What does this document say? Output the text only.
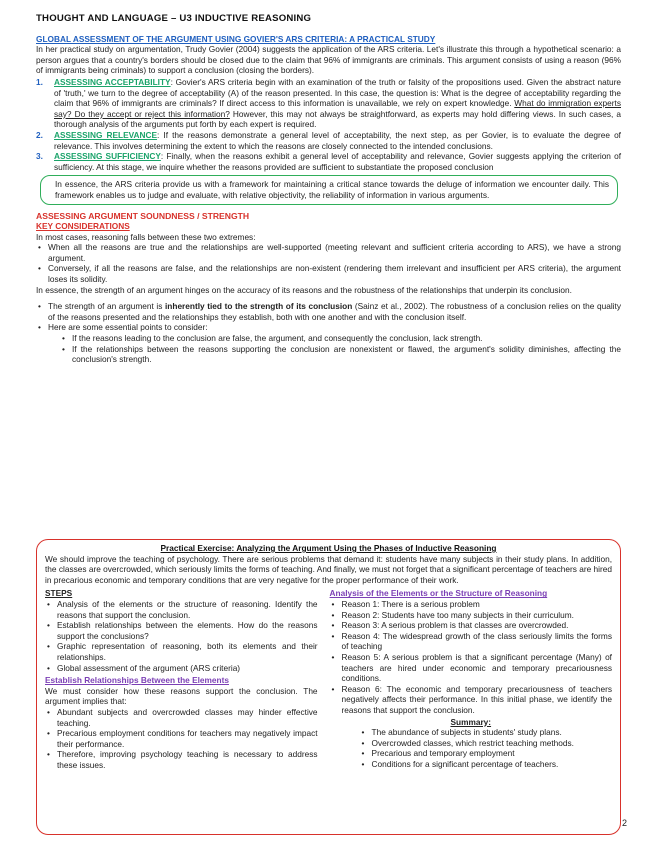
THOUGHT AND LANGUAGE – U3 INDUCTIVE REASONING
GLOBAL ASSESSMENT OF THE ARGUMENT USING GOVIER'S ARS CRITERIA: A PRACTICAL STUDY

In her practical study on argumentation, Trudy Govier (2004) suggests the application of the ARS criteria. Let's illustrate this through a hypothetical scenario: a person argues that a country's borders should be closed due to the claim that 96% of immigrants are criminals. This argument consists of using a reason (96% of immigrants being criminals) to support a conclusion (closing the borders).

1. ASSESSING ACCEPTABILITY: Govier's ARS criteria begin with an examination of the truth or falsity of the propositions used. Given the abstract nature of 'truth,' we turn to the degree of acceptability (A) of the reason presented. In this case, the question is: What is the degree of acceptability regarding the claim that 96% of immigrants are criminals? If direct access to this information is unavailable, we rely on expert knowledge. What do immigration experts say? Do they accept or reject this information? However, this may not always be straightforward, as experts may hold differing views. In such cases, a thorough analysis of the arguments put forth by each expert is required.
2. ASSESSING RELEVANCE: If the reasons demonstrate a general level of acceptability, the next step, as per Govier, is to evaluate the degree of relevance. This involves determining the extent to which the reasons are closely connected to the intended conclusions.
3. ASSESSING SUFFICIENCY: Finally, when the reasons exhibit a general level of acceptability and relevance, Govier suggests applying the criterion of sufficiency. At this stage, we inquire whether the reasons provided are sufficient to substantiate the proposed conclusion
In essence, the ARS criteria provide us with a framework for maintaining a critical stance towards the deluge of information we encounter daily. This framework enables us to judge and evaluate, with relative objectivity, the reliability of information in various arguments.
ASSESSING ARGUMENT SOUNDNESS / STRENGTH
KEY CONSIDERATIONS

In most cases, reasoning falls between these two extremes:

• When all the reasons are true and the relationships are well-supported (meeting relevant and sufficient criteria according to ARS), we have a strong argument.
• Conversely, if all the reasons are false, and the relationships are non-existent (rendering them irrelevant and insufficient per ARS criteria), the argument loses its solidity.

In essence, the strength of an argument hinges on the accuracy of its reasons and the robustness of the relationships that underpin its conclusion.

• The strength of an argument is inherently tied to the strength of its conclusion (Sainz et al., 2002). The robustness of a conclusion relies on the quality of the reasons presented and the relationships they establish, both with one another and with the conclusion itself.
• Here are some essential points to consider:
• If the reasons leading to the conclusion are false, the argument, and consequently the conclusion, lack strength.
• If the relationships between the reasons supporting the conclusion are nonexistent or flawed, the argument's solidity diminishes, affecting the conclusion's strength.
Practical Exercise: Analyzing the Argument Using the Phases of Inductive Reasoning

We should improve the teaching of psychology. There are serious problems that demand it: students have many subjects in their study plans. In addition, the classes are overcrowded, which seriously limits the forms of teaching. And finally, we must not forget that a significant percentage of teachers are hired in precarious economic and temporary conditions that are very negative for the proper performance of their work.

STEPS
• Analysis of the elements or the structure of reasoning. Identify the reasons that support the conclusion.
• Establish relationships between the elements. How do the reasons support the conclusions?
• Graphic representation of reasoning, both its elements and their relationships.
• Global assessment of the argument (ARS criteria)
Establish Relationships Between the Elements

We must consider how these reasons support the conclusion. The argument implies that:

• Abundant subjects and overcrowded classes may hinder effective teaching.
• Precarious employment conditions for teachers may negatively impact their performance.
• Therefore, improving psychology teaching is necessary to address these issues.
Analysis of the Elements or the Structure of Reasoning
• Reason 1: There is a serious problem
• Reason 2: Students have too many subjects in their curriculum.
• Reason 3: A serious problem is that classes are overcrowded.
• Reason 4: The widespread growth of the class seriously limits the forms of teaching
• Reason 5: A serious problem is that a significant percentage (Many) of teachers are hired under economic and temporary precariousness conditions.
• Reason 6: The economic and temporary precariousness of teachers negatively affects their performance. In this initial phase, we identify the reasons that support the conclusion.
Summary:
• The abundance of subjects in students' study plans.
• Overcrowded classes, which restrict teaching methods.
• Precarious and temporary employment
• Conditions for a significant percentage of teachers.
2
